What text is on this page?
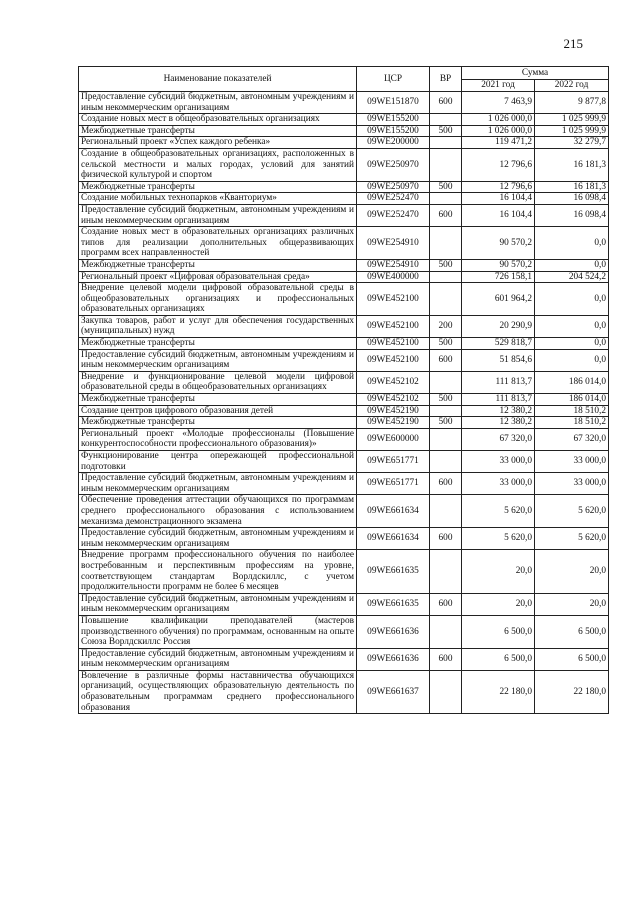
215
Наименование показателей	ЦСР	ВР	Сумма	
			2021 год	2022 год
Предоставление субсидий бюджетным, автономным учреждениям и иным некоммерческим организациям	09WE151870	600	7 463,9	9 877,8
Создание новых мест в общеобразовательных организациях	09WE155200		1 026 000,0	1 025 999,9
Межбюджетные трансферты	09WE155200	500	1 026 000,0	1 025 999,9
Региональный проект «Успех каждого ребенка»	09WE200000		119 471,2	32 279,7
Создание в общеобразовательных организациях, расположенных в сельской местности и малых городах, условий для занятий физической культурой и спортом	09WE250970		12 796,6	16 181,3
Межбюджетные трансферты	09WE250970	500	12 796,6	16 181,3
Создание мобильных технопарков «Кванториум»	09WE252470		16 104,4	16 098,4
Предоставление субсидий бюджетным, автономным учреждениям и иным некоммерческим организациям	09WE252470	600	16 104,4	16 098,4
Создание новых мест в образовательных организациях различных типов для реализации дополнительных общеразвивающих программ всех направленностей	09WE254910		90 570,2	0,0
Межбюджетные трансферты	09WE254910	500	90 570,2	0,0
Региональный проект «Цифровая образовательная среда»	09WE400000		726 158,1	204 524,2
Внедрение целевой модели цифровой образовательной среды в общеобразовательных организациях и профессиональных образовательных организациях	09WE452100		601 964,2	0,0
Закупка товаров, работ и услуг для обеспечения государственных (муниципальных) нужд	09WE452100	200	20 290,9	0,0
Межбюджетные трансферты	09WE452100	500	529 818,7	0,0
Предоставление субсидий бюджетным, автономным учреждениям и иным некоммерческим организациям	09WE452100	600	51 854,6	0,0
Внедрение и функционирование целевой модели цифровой образовательной среды в общеобразовательных организациях	09WE452102		111 813,7	186 014,0
Межбюджетные трансферты	09WE452102	500	111 813,7	186 014,0
Создание центров цифрового образования детей	09WE452190		12 380,2	18 510,2
Межбюджетные трансферты	09WE452190	500	12 380,2	18 510,2
Региональный проект «Молодые профессионалы (Повышение конкурентоспособности профессионального образования)»	09WE600000		67 320,0	67 320,0
Функционирование центра опережающей профессиональной подготовки	09WE651771		33 000,0	33 000,0
Предоставление субсидий бюджетным, автономным учреждениям и иным некоммерческим организациям	09WE651771	600	33 000,0	33 000,0
Обеспечение проведения аттестации обучающихся по программам среднего профессионального образования с использованием механизма демонстрационного экзамена	09WE661634		5 620,0	5 620,0
Предоставление субсидий бюджетным, автономным учреждениям и иным некоммерческим организациям	09WE661634	600	5 620,0	5 620,0
Внедрение программ профессионального обучения по наиболее востребованным и перспективным профессиям на уровне, соответствующем стандартам Ворлдскиллс, с учетом продолжительности программ не более 6 месяцев	09WE661635		20,0	20,0
Предоставление субсидий бюджетным, автономным учреждениям и иным некоммерческим организациям	09WE661635	600	20,0	20,0
Повышение квалификации преподавателей (мастеров производственного обучения) по программам, основанным на опыте Союза Ворлдскиллс Россия	09WE661636		6 500,0	6 500,0
Предоставление субсидий бюджетным, автономным учреждениям и иным некоммерческим организациям	09WE661636	600	6 500,0	6 500,0
Вовлечение в различные формы наставничества обучающихся организаций, осуществляющих образовательную деятельность по образовательным программам среднего профессионального образования	09WE661637		22 180,0	22 180,0
